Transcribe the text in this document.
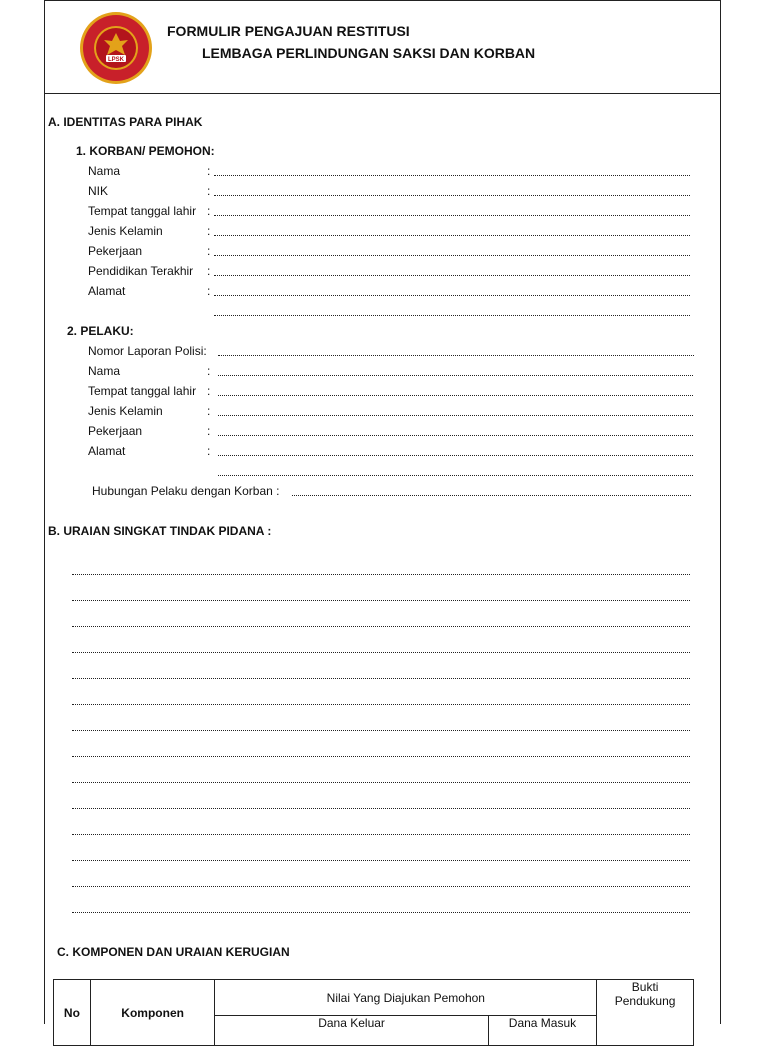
LPSK
FORMULIR PENGAJUAN RESTITUSI
LEMBAGA PERLINDUNGAN SAKSI DAN KORBAN
A. IDENTITAS PARA PIHAK
1. KORBAN/ PEMOHON:
Nama	:
NIK	:
Tempat tanggal lahir :
Jenis Kelamin	:
Pekerjaan	:
Pendidikan Terakhir :
Alamat	:
2. PELAKU:
Nomor Laporan Polisi:
Nama	:
Tempat tanggal lahir :
Jenis Kelamin	:
Pekerjaan	:
Alamat	:
Hubungan Pelaku dengan Korban :
B. URAIAN SINGKAT TINDAK PIDANA :
C. KOMPONEN DAN URAIAN KERUGIAN
No	Komponen	Nilai Yang Diajukan Pemohon		Bukti
Pendukung

		Dana Keluar	Dana Masuk	
